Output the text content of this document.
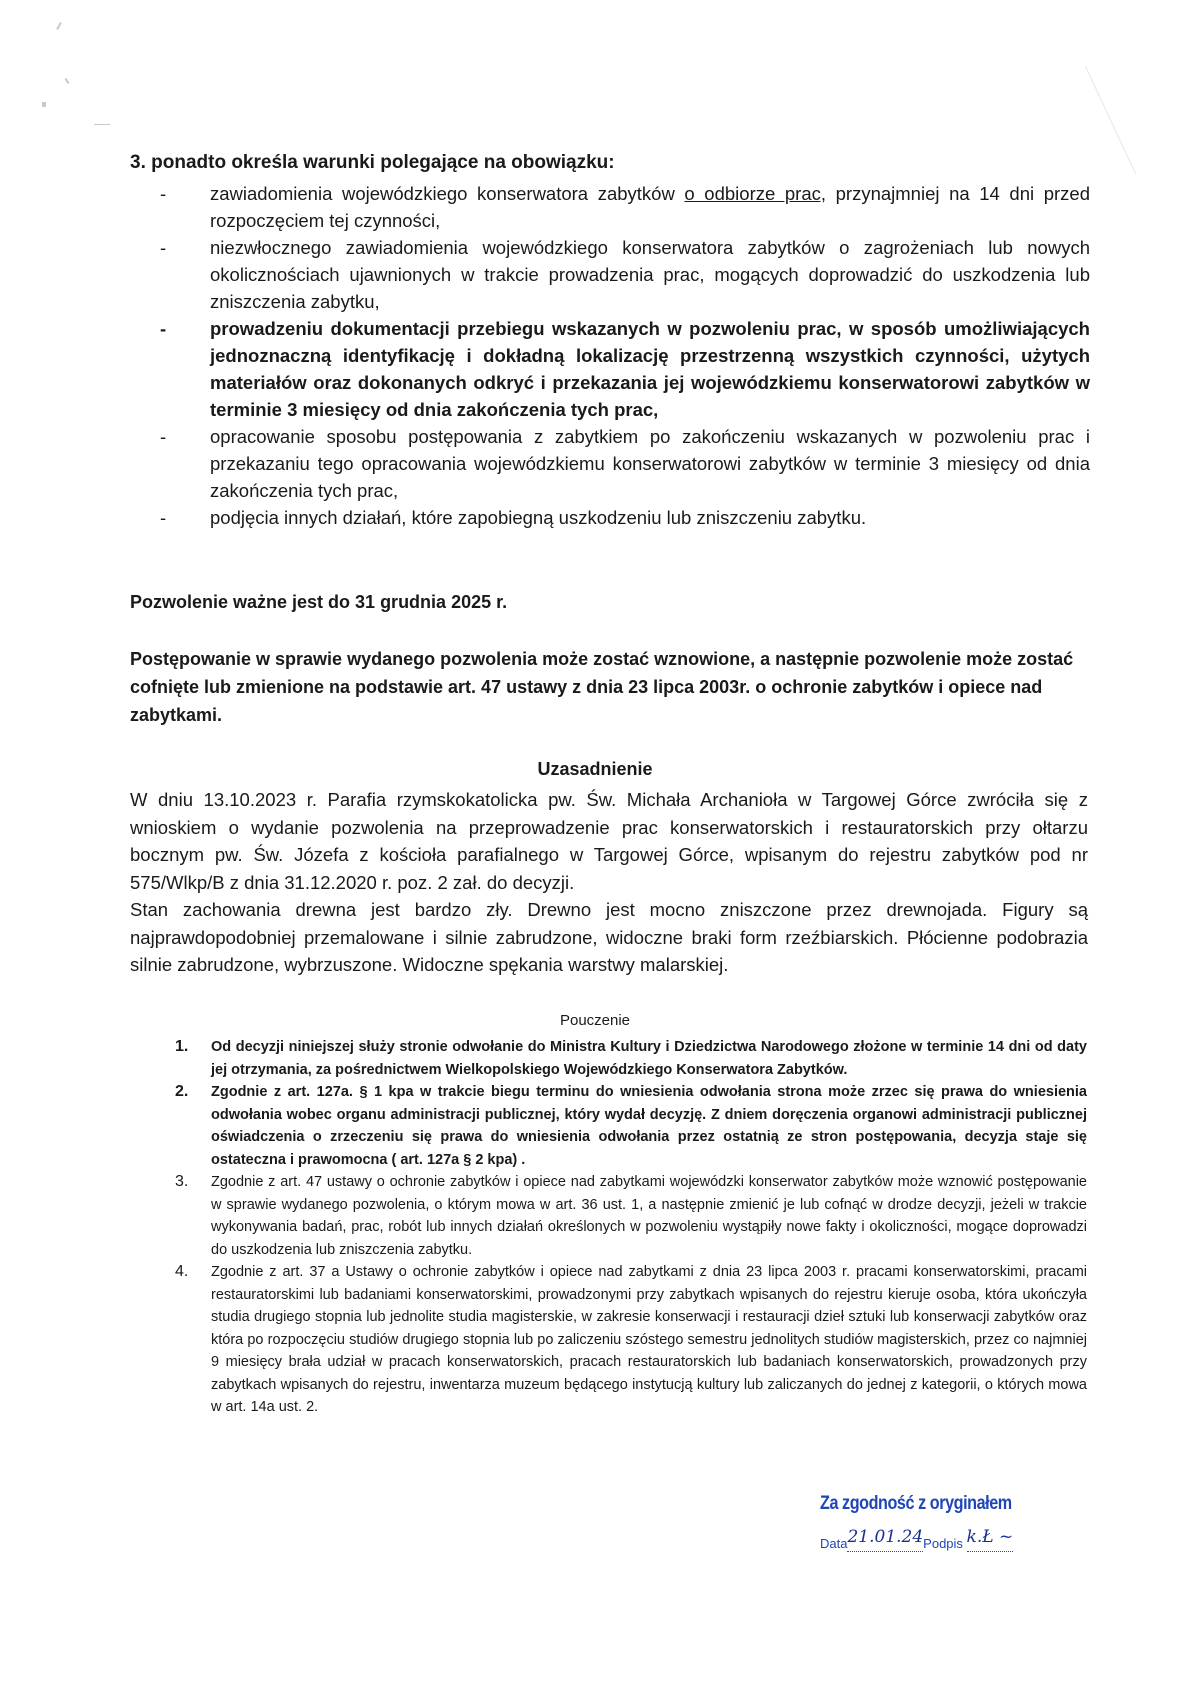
3. ponadto określa warunki polegające na obowiązku:
- zawiadomienia wojewódzkiego konserwatora zabytków o odbiorze prac, przynajmniej na 14 dni przed rozpoczęciem tej czynności,
- niezwłocznego zawiadomienia wojewódzkiego konserwatora zabytków o zagrożeniach lub nowych okolicznościach ujawnionych w trakcie prowadzenia prac, mogących doprowadzić do uszkodzenia lub zniszczenia zabytku,
- prowadzeniu dokumentacji przebiegu wskazanych w pozwoleniu prac, w sposób umożliwiających jednoznaczną identyfikację i dokładną lokalizację przestrzenną wszystkich czynności, użytych materiałów oraz dokonanych odkryć i przekazania jej wojewódzkiemu konserwatorowi zabytków w terminie 3 miesięcy od dnia zakończenia tych prac,
- opracowanie sposobu postępowania z zabytkiem po zakończeniu wskazanych w pozwoleniu prac i przekazaniu tego opracowania wojewódzkiemu konserwatorowi zabytków w terminie 3 miesięcy od dnia zakończenia tych prac,
- podjęcia innych działań, które zapobiegną uszkodzeniu lub zniszczeniu zabytku.
Pozwolenie ważne jest do 31 grudnia 2025 r.
Postępowanie w sprawie wydanego pozwolenia może zostać wznowione, a następnie pozwolenie może zostać cofnięte lub zmienione na podstawie art. 47 ustawy z dnia 23 lipca 2003r. o ochronie zabytków i opiece nad zabytkami.
Uzasadnienie

W dniu 13.10.2023 r. Parafia rzymskokatolicka pw. Św. Michała Archanioła w Targowej Górce zwróciła się z wnioskiem o wydanie pozwolenia na przeprowadzenie prac konserwatorskich i restauratorskich przy ołtarzu bocznym pw. Św. Józefa z kościoła parafialnego w Targowej Górce, wpisanym do rejestru zabytków pod nr 575/Wlkp/B z dnia 31.12.2020 r. poz. 2 zał. do decyzji.

Stan zachowania drewna jest bardzo zły. Drewno jest mocno zniszczone przez drewnojada. Figury są najprawdopodobniej przemalowane i silnie zabrudzone, widoczne braki form rzeźbiarskich. Płócienne podobrazia silnie zabrudzone, wybrzuszone. Widoczne spękania warstwy malarskiej.

Pouczenie
1. Od decyzji niniejszej służy stronie odwołanie do Ministra Kultury i Dziedzictwa Narodowego złożone w terminie 14 dni od daty jej otrzymania, za pośrednictwem Wielkopolskiego Wojewódzkiego Konserwatora Zabytków.
2. Zgodnie z art. 127a. § 1 kpa w trakcie biegu terminu do wniesienia odwołania strona może zrzec się prawa do wniesienia odwołania wobec organu administracji publicznej, który wydał decyzję. Z dniem doręczenia organowi administracji publicznej oświadczenia o zrzeczeniu się prawa do wniesienia odwołania przez ostatnią ze stron postępowania, decyzja staje się ostateczna i prawomocna ( art. 127a § 2 kpa) .
3. Zgodnie z art. 47 ustawy o ochronie zabytków i opiece nad zabytkami wojewódzki konserwator zabytków może wznowić postępowanie w sprawie wydanego pozwolenia, o którym mowa w art. 36 ust. 1, a następnie zmienić je lub cofnąć w drodze decyzji, jeżeli w trakcie wykonywania badań, prac, robót lub innych działań określonych w pozwoleniu wystąpiły nowe fakty i okoliczności, mogące doprowadzi do uszkodzenia lub zniszczenia zabytku.
4. Zgodnie z art. 37 a Ustawy o ochronie zabytków i opiece nad zabytkami z dnia 23 lipca 2003 r. pracami konserwatorskimi, pracami restauratorskimi lub badaniami konserwatorskimi, prowadzonymi przy zabytkach wpisanych do rejestru kieruje osoba, która ukończyła studia drugiego stopnia lub jednolite studia magisterskie, w zakresie konserwacji i restauracji dzieł sztuki lub konserwacji zabytków oraz która po rozpoczęciu studiów drugiego stopnia lub po zaliczeniu szóstego semestru jednolitych studiów magisterskich, przez co najmniej 9 miesięcy brała udział w pracach konserwatorskich, pracach restauratorskich lub badaniach konserwatorskich, prowadzonych przy zabytkach wpisanych do rejestru, inwentarza muzeum będącego instytucją kultury lub zaliczanych do jednej z kategorii, o których mowa w art. 14a ust. 2.
Za zgodność z oryginałem
Data21.01.24Podpis k.Ł ~
